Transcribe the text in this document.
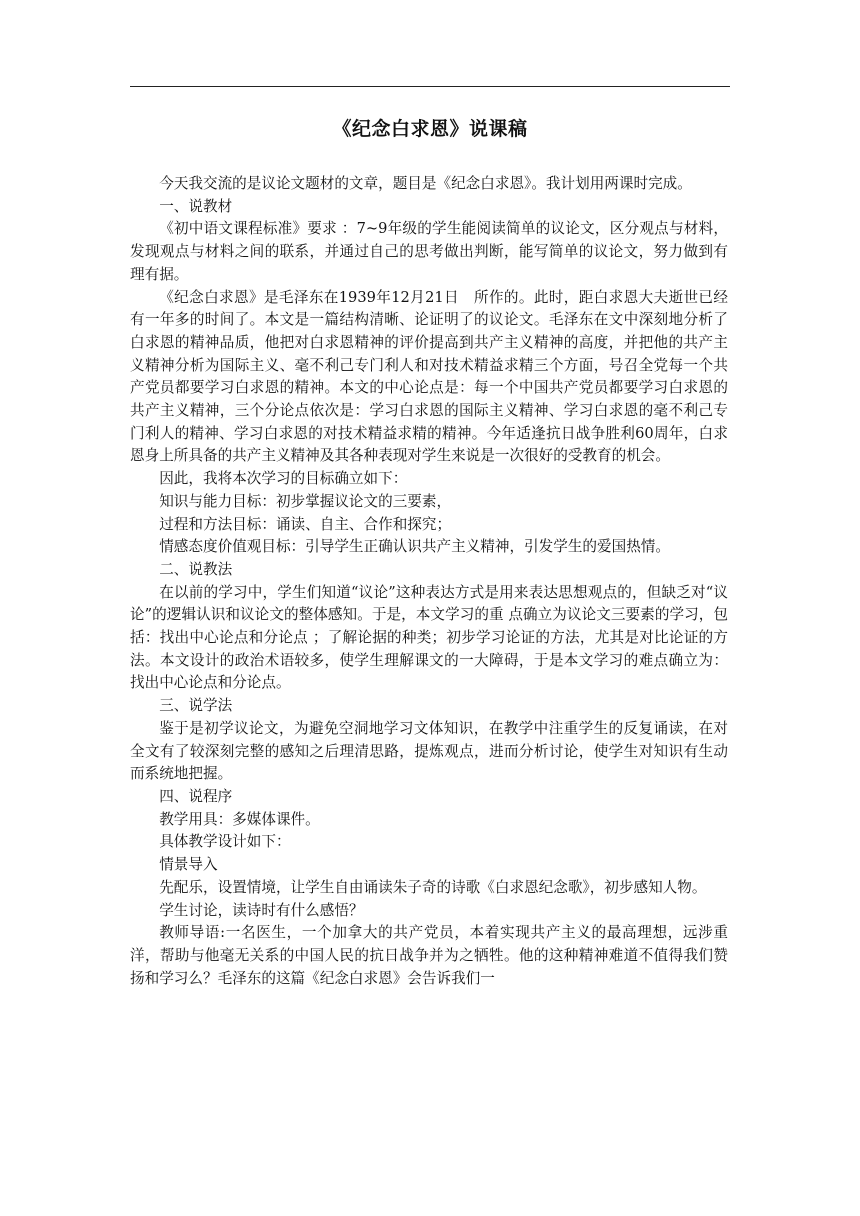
《纪念白求恩》说课稿

今天我交流的是议论文题材的文章，题目是《纪念白求恩》。我计划用两课时完成。

一、说教材

《初中语文课程标准》要求 ：7~9年级的学生能阅读简单的议论文，区分观点与材料，发现观点与材料之间的联系，并通过自己的思考做出判断，能写简单的议论文，努力做到有理有据。

《纪念白求恩》是毛泽东在1939年12月21日　所作的。此时，距白求恩大夫逝世已经有一年多的时间了。本文是一篇结构清晰、论证明了的议论文。毛泽东在文中深刻地分析了白求恩的精神品质，他把对白求恩精神的评价提高到共产主义精神的高度，并把他的共产主义精神分析为国际主义、毫不利己专门利人和对技术精益求精三个方面，号召全党每一个共产党员都要学习白求恩的精神。本文的中心论点是：每一个中国共产党员都要学习白求恩的共产主义精神，三个分论点依次是：学习白求恩的国际主义精神、学习白求恩的毫不利己专门利人的精神、学习白求恩的对技术精益求精的精神。今年适逢抗日战争胜利60周年，白求恩身上所具备的共产主义精神及其各种表现对学生来说是一次很好的受教育的机会。

因此，我将本次学习的目标确立如下：

知识与能力目标：初步掌握议论文的三要素，

过程和方法目标：诵读、自主、合作和探究；

情感态度价值观目标：引导学生正确认识共产主义精神，引发学生的爱国热情。

二、说教法

在以前的学习中，学生们知道“议论”这种表达方式是用来表达思想观点的，但缺乏对“议论”的逻辑认识和议论文的整体感知。于是，本文学习的重 点确立为议论文三要素的学习，包括：找出中心论点和分论点 ；了解论据的种类；初步学习论证的方法，尤其是对比论证的方法。本文设计的政治术语较多，使学生理解课文的一大障碍，于是本文学习的难点确立为：找出中心论点和分论点。

三、说学法

鉴于是初学议论文，为避免空洞地学习文体知识，在教学中注重学生的反复诵读，在对全文有了较深刻完整的感知之后理清思路，提炼观点，进而分析讨论，使学生对知识有生动而系统地把握。

四、说程序

教学用具：多媒体课件。

具体教学设计如下：

情景导入

先配乐，设置情境，让学生自由诵读朱子奇的诗歌《白求恩纪念歌》，初步感知人物。

学生讨论，读诗时有什么感悟？

教师导语:一名医生，一个加拿大的共产党员，本着实现共产主义的最高理想，远涉重洋，帮助与他毫无关系的中国人民的抗日战争并为之牺牲。他的这种精神难道不值得我们赞扬和学习么？毛泽东的这篇《纪念白求恩》会告诉我们一
